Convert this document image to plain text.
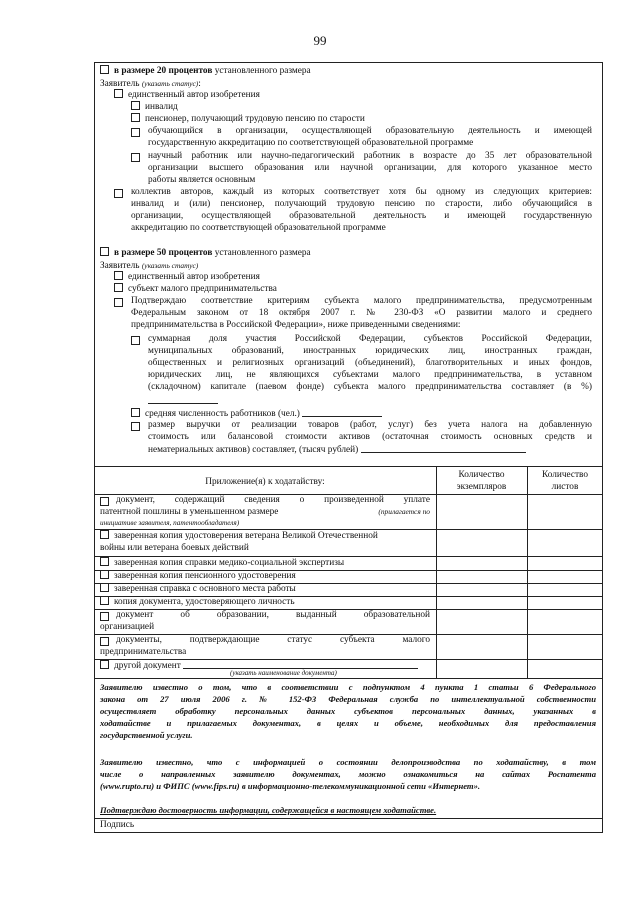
99
в размере 20 процентов установленного размера
Заявитель (указать статус):
единственный автор изобретения
инвалид
пенсионер, получающий трудовую пенсию по старости
обучающийся в организации, осуществляющей образовательную деятельность и имеющей
государственную аккредитацию по соответствующей образовательной программе
научный работник или научно-педагогический работник в возрасте до 35 лет образовательной
организации высшего образования или научной организации, для которого указанное место
работы является основным
коллектив авторов, каждый из которых соответствует хотя бы одному из следующих критериев:
инвалид и (или) пенсионер, получающий трудовую пенсию по старости, либо обучающийся в
организации, осуществляющей образовательной деятельность и имеющей государственную
аккредитацию по соответствующей образовательной программе
в размере 50 процентов установленного размера
Заявитель (указать статус)
единственный автор изобретения
субъект малого предпринимательства
Подтверждаю соответствие критериям субъекта малого предпринимательства, предусмотренным
Федеральным законом от 18 октября 2007 г. № 230-ФЗ «О развитии малого и среднего
предпринимательства в Российской Федерации», ниже приведенными сведениями:
суммарная доля участия Российской Федерации, субъектов Российской Федерации,
муниципальных образований, иностранных юридических лиц, иностранных граждан,
общественных и религиозных организаций (объединений), благотворительных и иных фондов,
юридических лиц, не являющихся субъектами малого предпринимательства, в уставном
(складочном) капитале (паевом фонде) субъекта малого предпринимательства составляет (в %)
средняя численность работников (чел.)
размер выручки от реализации товаров (работ, услуг) без учета налога на добавленную
стоимость или балансовой стоимости активов (остаточная стоимость основных средств и
нематериальных активов) составляет, (тысяч рублей)
Приложение(я) к ходатайству:
Количество
экземпляров
Количество
листов
документ, содержащий сведения о произведенной уплате
патентной пошлины в уменьшенном размере	(прилагается по
инициативе заявителя, патентообладателя)
заверенная копия удостоверения ветерана Великой Отечественной
войны или ветерана боевых действий
заверенная копия справки медико-социальной экспертизы
заверенная копия пенсионного удостоверения
заверенная справка с основного места работы
копия документа, удостоверяющего личность
документ об образовании, выданный образовательной
организацией
документы, подтверждающие статус субъекта малого
предпринимательства
другой документ
(указать наименование документа)
Заявителю известно о том, что в соответствии с подпунктом 4 пункта 1 статьи 6 Федерального
закона от 27 июля 2006 г. № 152-ФЗ Федеральная служба по интеллектуальной собственности
осуществляет обработку персональных данных субъектов персональных данных, указанных в
ходатайстве и прилагаемых документах, в целях и объеме, необходимых для предоставления
государственной услуги.
Заявителю известно, что с информацией о состоянии делопроизводства по ходатайству, в том
числе о направленных заявителю документах, можно ознакомиться на сайтах Роспатента
(www.rupto.ru) и ФИПС (www.fips.ru) в информационно-телекоммуникационной сети «Интернет».
Подтверждаю достоверность информации, содержащейся в настоящем ходатайстве.
Подпись
